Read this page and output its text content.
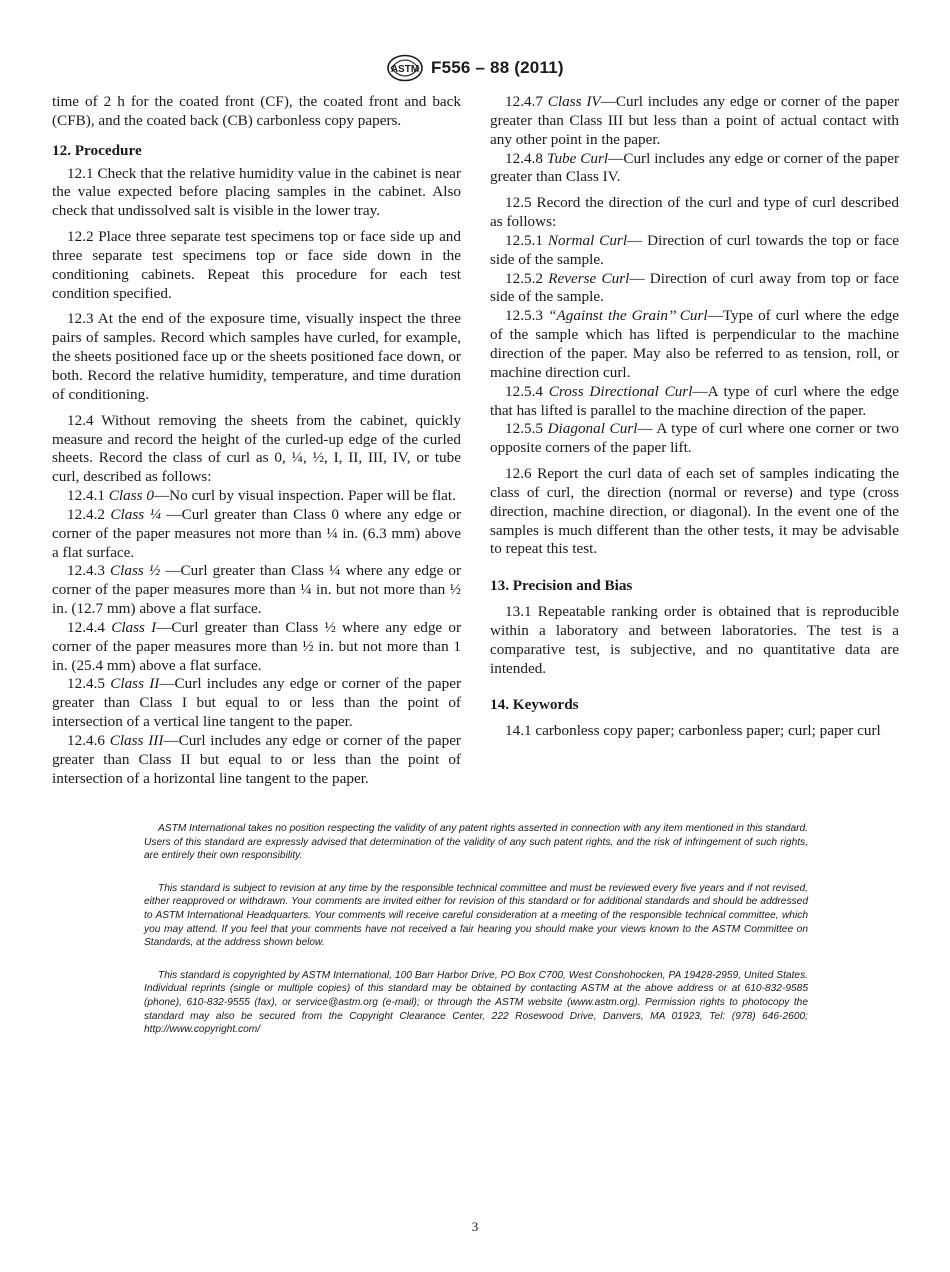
ASTM F556 – 88 (2011)

time of 2 h for the coated front (CF), the coated front and back (CFB), and the coated back (CB) carbonless copy papers.

12. Procedure

12.1 Check that the relative humidity value in the cabinet is near the value expected before placing samples in the cabinet. Also check that undissolved salt is visible in the lower tray.

12.2 Place three separate test specimens top or face side up and three separate test specimens top or face side down in the conditioning cabinets. Repeat this procedure for each test condition specified.

12.3 At the end of the exposure time, visually inspect the three pairs of samples. Record which samples have curled, for example, the sheets positioned face up or the sheets positioned face down, or both. Record the relative humidity, temperature, and time duration of conditioning.

12.4 Without removing the sheets from the cabinet, quickly measure and record the height of the curled-up edge of the curled sheets. Record the class of curl as 0, ¼, ½, I, II, III, IV, or tube curl, described as follows:

12.4.1 Class 0—No curl by visual inspection. Paper will be flat.

12.4.2 Class ¼ —Curl greater than Class 0 where any edge or corner of the paper measures not more than ¼ in. (6.3 mm) above a flat surface.

12.4.3 Class ½ —Curl greater than Class ¼ where any edge or corner of the paper measures more than ¼ in. but not more than ½ in. (12.7 mm) above a flat surface.

12.4.4 Class I—Curl greater than Class ½ where any edge or corner of the paper measures more than ½ in. but not more than 1 in. (25.4 mm) above a flat surface.

12.4.5 Class II—Curl includes any edge or corner of the paper greater than Class I but equal to or less than the point of intersection of a vertical line tangent to the paper.

12.4.6 Class III—Curl includes any edge or corner of the paper greater than Class II but equal to or less than the point of intersection of a horizontal line tangent to the paper.

12.4.7 Class IV—Curl includes any edge or corner of the paper greater than Class III but less than a point of actual contact with any other point in the paper.

12.4.8 Tube Curl—Curl includes any edge or corner of the paper greater than Class IV.

12.5 Record the direction of the curl and type of curl described as follows:

12.5.1 Normal Curl— Direction of curl towards the top or face side of the sample.

12.5.2 Reverse Curl— Direction of curl away from top or face side of the sample.

12.5.3 “Against the Grain’’ Curl—Type of curl where the edge of the sample which has lifted is perpendicular to the machine direction of the paper. May also be referred to as tension, roll, or machine direction curl.

12.5.4 Cross Directional Curl—A type of curl where the edge that has lifted is parallel to the machine direction of the paper.

12.5.5 Diagonal Curl— A type of curl where one corner or two opposite corners of the paper lift.

12.6 Report the curl data of each set of samples indicating the class of curl, the direction (normal or reverse) and type (cross direction, machine direction, or diagonal). In the event one of the samples is much different than the other tests, it may be advisable to repeat this test.

13. Precision and Bias

13.1 Repeatable ranking order is obtained that is reproducible within a laboratory and between laboratories. The test is a comparative test, is subjective, and no quantitative data are intended.

14. Keywords

14.1 carbonless copy paper; carbonless paper; curl; paper curl

ASTM International takes no position respecting the validity of any patent rights asserted in connection with any item mentioned in this standard. Users of this standard are expressly advised that determination of the validity of any such patent rights, and the risk of infringement of such rights, are entirely their own responsibility.

This standard is subject to revision at any time by the responsible technical committee and must be reviewed every five years and if not revised, either reapproved or withdrawn. Your comments are invited either for revision of this standard or for additional standards and should be addressed to ASTM International Headquarters. Your comments will receive careful consideration at a meeting of the responsible technical committee, which you may attend. If you feel that your comments have not received a fair hearing you should make your views known to the ASTM Committee on Standards, at the address shown below.

This standard is copyrighted by ASTM International, 100 Barr Harbor Drive, PO Box C700, West Conshohocken, PA 19428-2959, United States. Individual reprints (single or multiple copies) of this standard may be obtained by contacting ASTM at the above address or at 610-832-9585 (phone), 610-832-9555 (fax), or service@astm.org (e-mail); or through the ASTM website (www.astm.org). Permission rights to photocopy the standard may also be secured from the Copyright Clearance Center, 222 Rosewood Drive, Danvers, MA 01923, Tel: (978) 646-2600; http://www.copyright.com/

3
